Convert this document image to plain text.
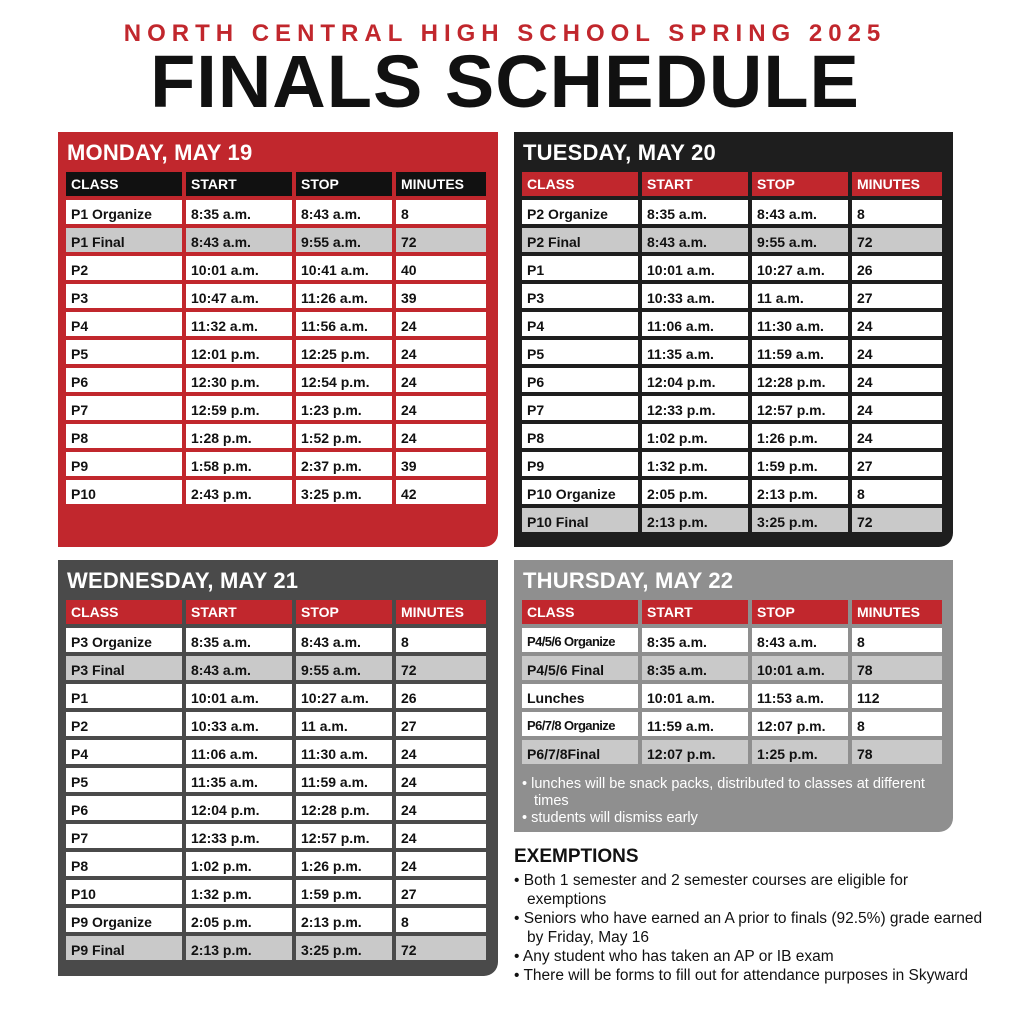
NORTH CENTRAL HIGH SCHOOL SPRING 2025
FINALS SCHEDULE
MONDAY, MAY 19
CLASS	START	STOP	MINUTES
P1 Organize	8:35 a.m.	8:43 a.m.	8
P1 Final	8:43 a.m.	9:55 a.m.	72
P2	10:01 a.m.	10:41 a.m.	40
P3	10:47 a.m.	11:26 a.m.	39
P4	11:32 a.m.	11:56 a.m.	24
P5	12:01 p.m.	12:25 p.m.	24
P6	12:30 p.m.	12:54 p.m.	24
P7	12:59 p.m.	1:23 p.m.	24
P8	1:28 p.m.	1:52 p.m.	24
P9	1:58 p.m.	2:37 p.m.	39
P10	2:43 p.m.	3:25 p.m.	42
TUESDAY, MAY 20
CLASS	START	STOP	MINUTES
P2 Organize	8:35 a.m.	8:43 a.m.	8
P2 Final	8:43 a.m.	9:55 a.m.	72
P1	10:01 a.m.	10:27 a.m.	26
P3	10:33 a.m.	11 a.m.	27
P4	11:06 a.m.	11:30 a.m.	24
P5	11:35 a.m.	11:59 a.m.	24
P6	12:04 p.m.	12:28 p.m.	24
P7	12:33 p.m.	12:57 p.m.	24
P8	1:02 p.m.	1:26 p.m.	24
P9	1:32 p.m.	1:59 p.m.	27
P10 Organize	2:05 p.m.	2:13 p.m.	8
P10 Final	2:13 p.m.	3:25 p.m.	72
WEDNESDAY, MAY 21
CLASS	START	STOP	MINUTES
P3 Organize	8:35 a.m.	8:43 a.m.	8
P3 Final	8:43 a.m.	9:55 a.m.	72
P1	10:01 a.m.	10:27 a.m.	26
P2	10:33 a.m.	11 a.m.	27
P4	11:06 a.m.	11:30 a.m.	24
P5	11:35 a.m.	11:59 a.m.	24
P6	12:04 p.m.	12:28 p.m.	24
P7	12:33 p.m.	12:57 p.m.	24
P8	1:02 p.m.	1:26 p.m.	24
P10	1:32 p.m.	1:59 p.m.	27
P9 Organize	2:05 p.m.	2:13 p.m.	8
P9 Final	2:13 p.m.	3:25 p.m.	72
THURSDAY, MAY 22
CLASS	START	STOP	MINUTES
P4/5/6 Organize	8:35 a.m.	8:43 a.m.	8
P4/5/6 Final	8:35 a.m.	10:01 a.m.	78
Lunches	10:01 a.m.	11:53 a.m.	112
P6/7/8 Organize	11:59 a.m.	12:07 p.m.	8
P6/7/8Final	12:07 p.m.	1:25 p.m.	78
• lunches will be snack packs, distributed to classes at different times
• students will dismiss early
EXEMPTIONS
• Both 1 semester and 2 semester courses are eligible for exemptions
• Seniors who have earned an A prior to finals (92.5%) grade earned by Friday, May 16
• Any student who has taken an AP or IB exam
• There will be forms to fill out for attendance purposes in Skyward
